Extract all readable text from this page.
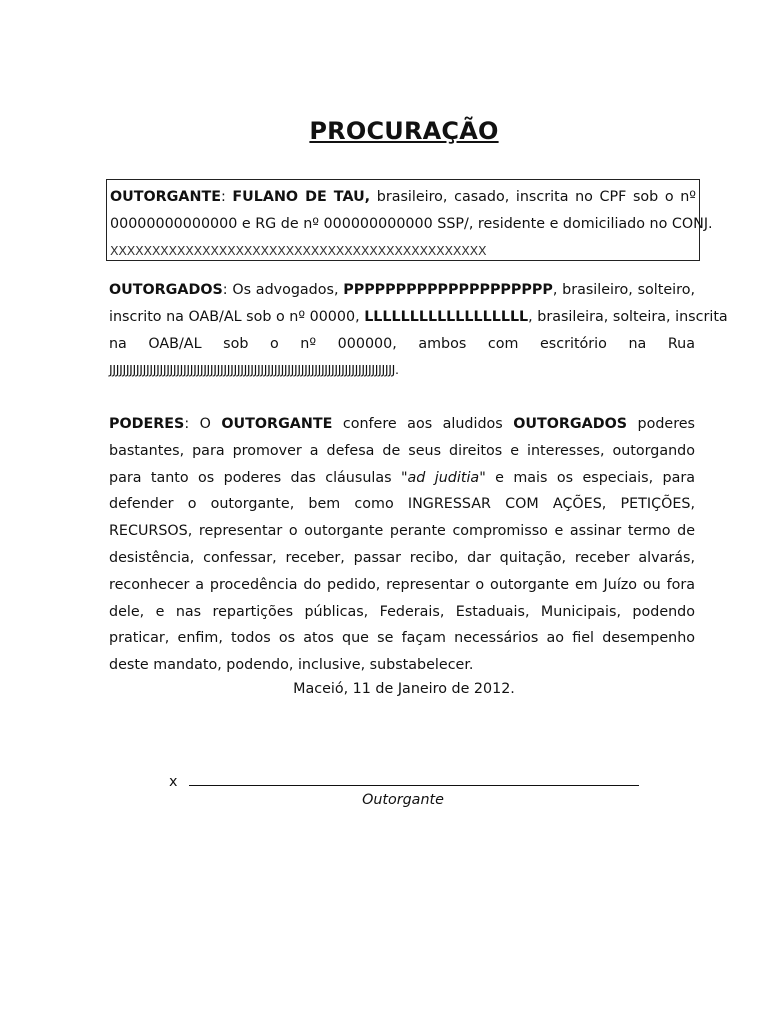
PROCURAÇÃO
OUTORGANTE: FULANO DE TAU, brasileiro, casado, inscrita no CPF sob o nº
00000000000000 e RG de nº 000000000000 SSP/, residente e domiciliado no CONJ.
XXXXXXXXXXXXXXXXXXXXXXXXXXXXXXXXXXXXXXXXXXXXX
OUTORGADOS: Os advogados, PPPPPPPPPPPPPPPPPPPP, brasileiro, solteiro,
inscrito na OAB/AL sob o nº 00000, LLLLLLLLLLLLLLLLLL, brasileira, solteira, inscrita
na OAB/AL sob o nº 000000, ambos com escritório na Rua
JJJJJJJJJJJJJJJJJJJJJJJJJJJJJJJJJJJJJJJJJJJJJJJJJJJJJJJJJJJJJJJJJJJJJJJJJJJJJJJJJJJJJ.
PODERES: O OUTORGANTE confere aos aludidos OUTORGADOS poderes bastantes, para promover a defesa de seus direitos e interesses, outorgando para tanto os poderes das cláusulas "ad juditia" e mais os especiais, para defender o outorgante, bem como INGRESSAR COM AÇÕES, PETIÇÕES, RECURSOS, representar o outorgante perante compromisso e assinar termo de desistência, confessar, receber, passar recibo, dar quitação, receber alvarás, reconhecer a procedência do pedido, representar o outorgante em Juízo ou fora dele, e nas repartições públicas, Federais, Estaduais, Municipais, podendo praticar, enfim, todos os atos que se façam necessários ao fiel desempenho deste mandato, podendo, inclusive, substabelecer.
Maceió, 11 de Janeiro de 2012.
x
Outorgante
